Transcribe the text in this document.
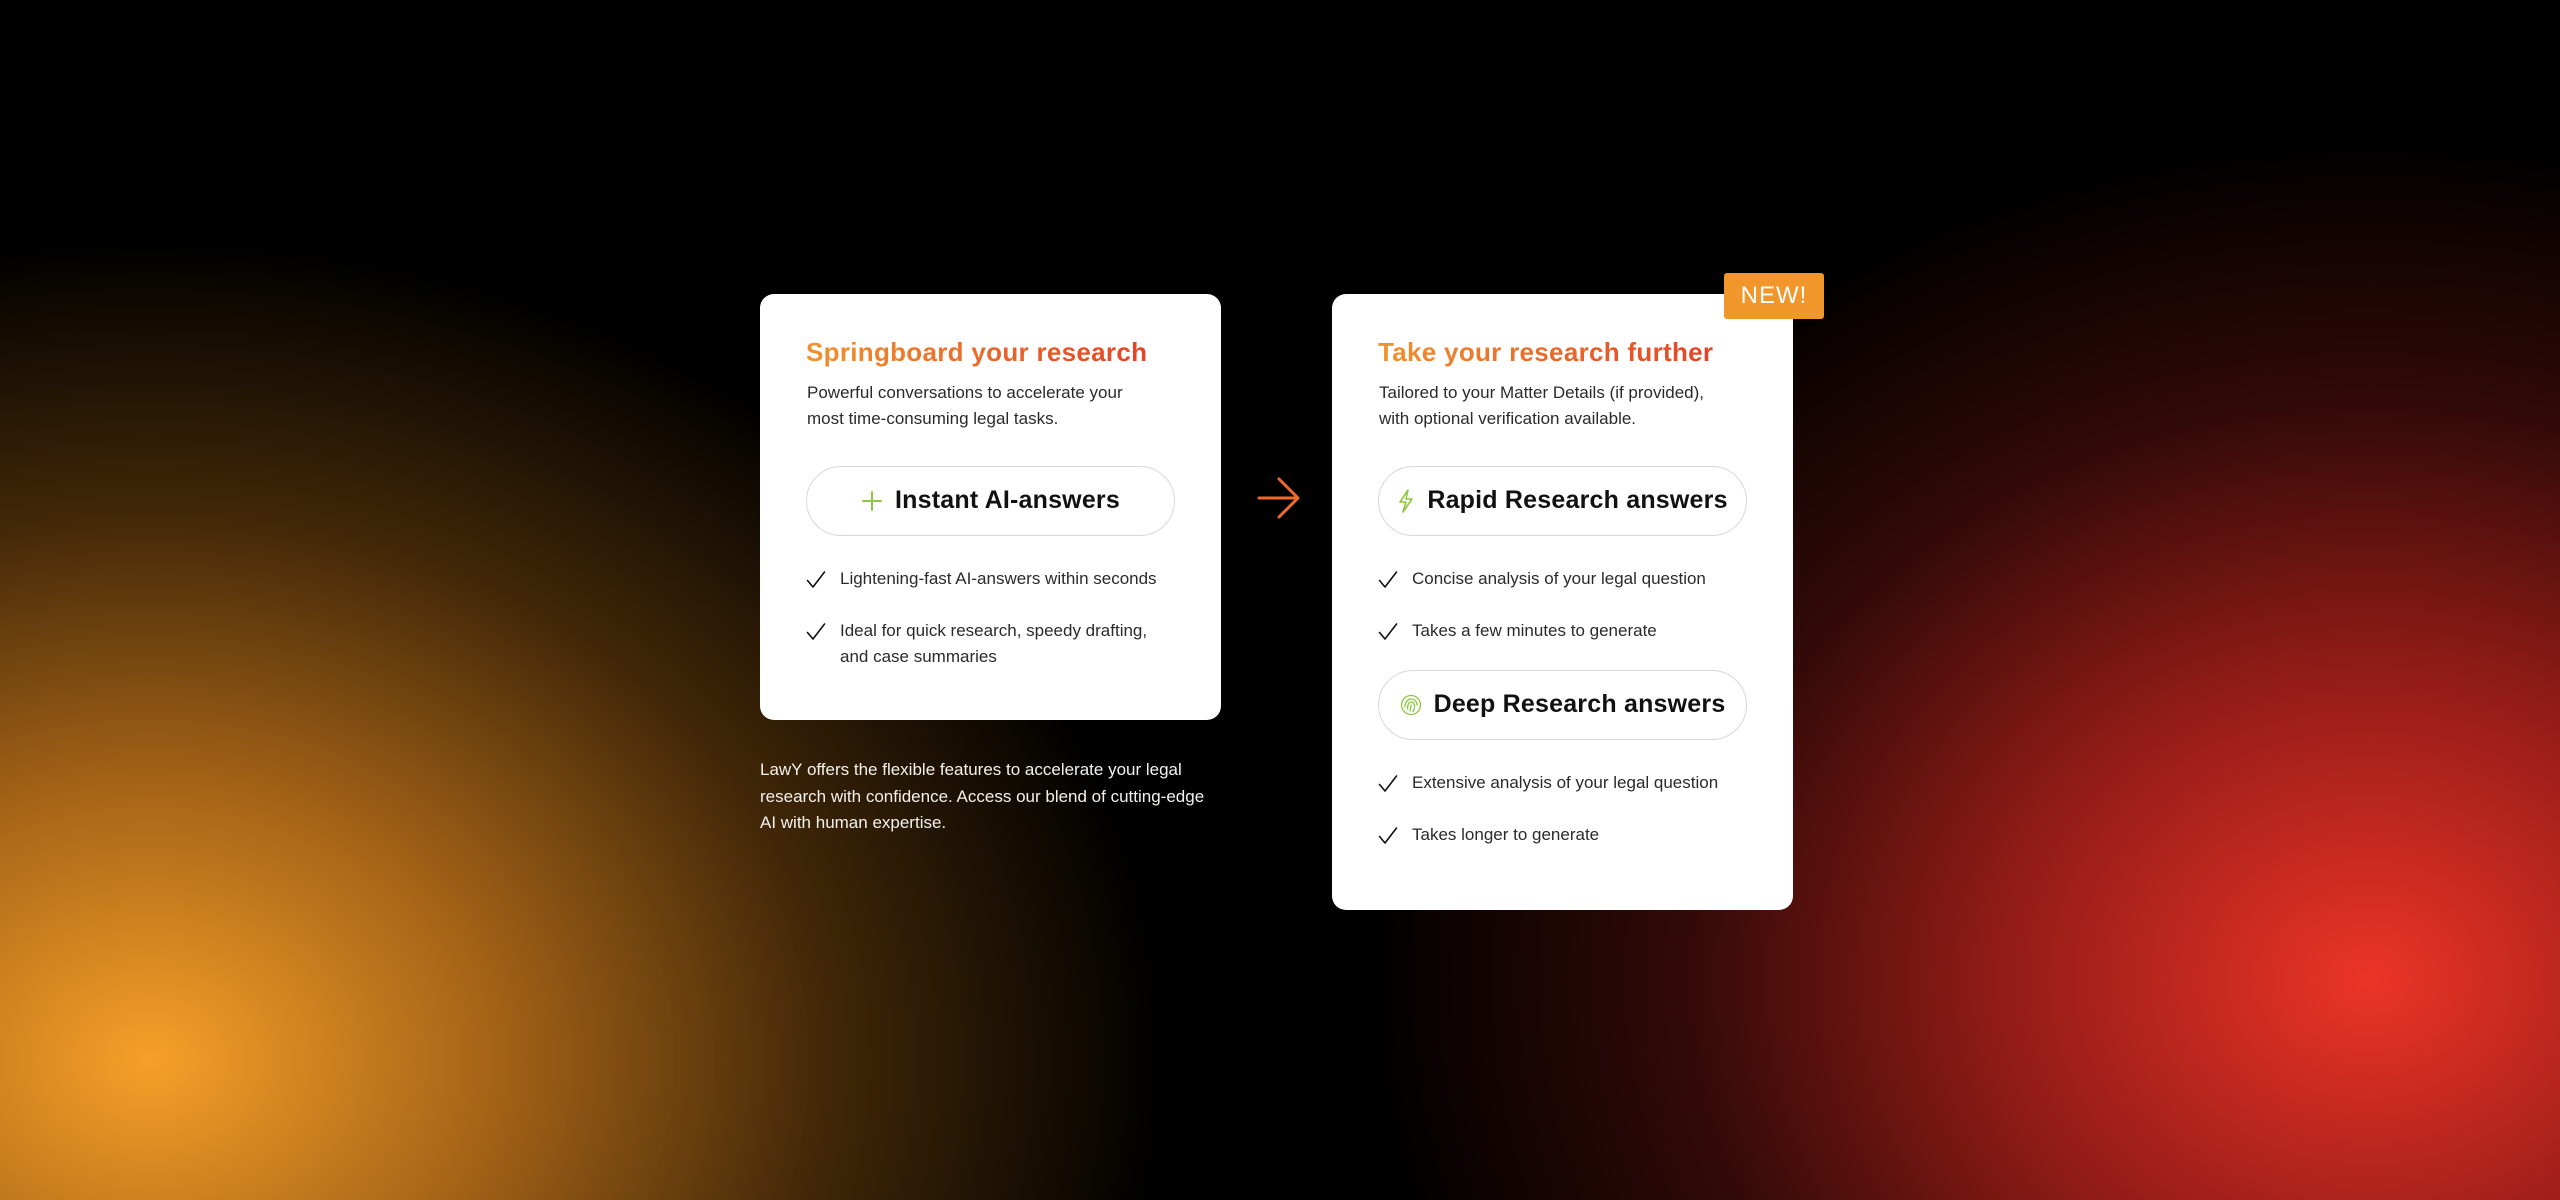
Springboard your research

Powerful conversations to accelerate your most time-consuming legal tasks.

Instant AI-answers
Lightening-fast AI-answers within seconds
Ideal for quick research, speedy drafting, and case summaries
Take your research further

Tailored to your Matter Details (if provided), with optional verification available.

Rapid Research answers
Concise analysis of your legal question
Takes a few minutes to generate
Deep Research answers
Extensive analysis of your legal question
Takes longer to generate
NEW!

LawY offers the flexible features to accelerate your legal research with confidence. Access our blend of cutting-edge AI with human expertise.
